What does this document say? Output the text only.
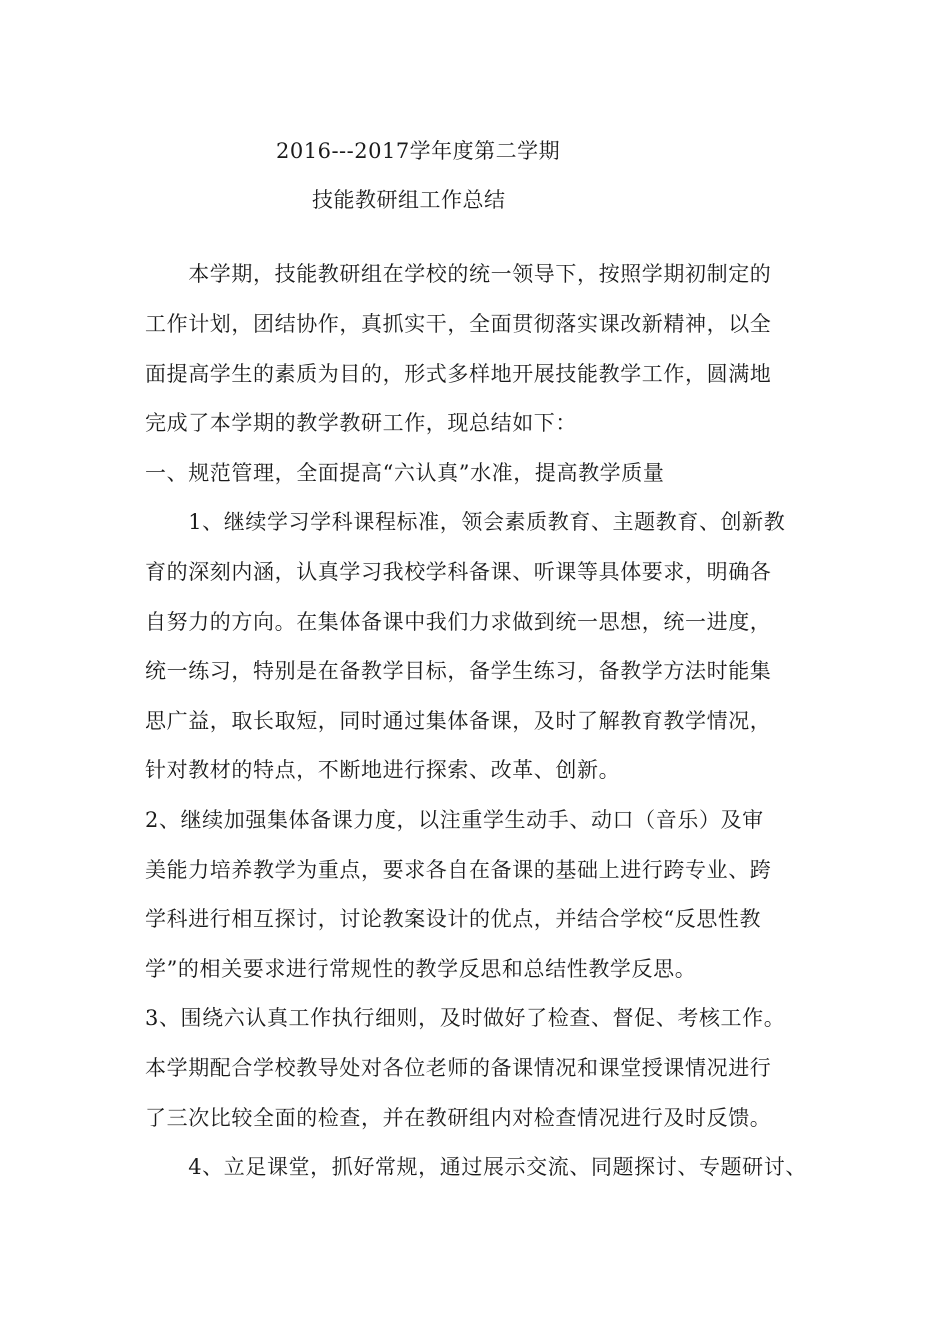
2016---2017学年度第二学期
技能教研组工作总结
　　本学期，技能教研组在学校的统一领导下，按照学期初制定的
工作计划，团结协作，真抓实干，全面贯彻落实课改新精神，以全
面提高学生的素质为目的，形式多样地开展技能教学工作，圆满地
完成了本学期的教学教研工作，现总结如下：
一、规范管理，全面提高“六认真”水准，提高教学质量
　　1、继续学习学科课程标准，领会素质教育、主题教育、创新教
育的深刻内涵，认真学习我校学科备课、听课等具体要求，明确各
自努力的方向。在集体备课中我们力求做到统一思想，统一进度，
统一练习，特别是在备教学目标，备学生练习，备教学方法时能集
思广益，取长取短，同时通过集体备课，及时了解教育教学情况，
针对教材的特点，不断地进行探索、改革、创新。
2、继续加强集体备课力度，以注重学生动手、动口（音乐）及审
美能力培养教学为重点，要求各自在备课的基础上进行跨专业、跨
学科进行相互探讨，讨论教案设计的优点，并结合学校“反思性教
学”的相关要求进行常规性的教学反思和总结性教学反思。
3、围绕六认真工作执行细则，及时做好了检查、督促、考核工作。
本学期配合学校教导处对各位老师的备课情况和课堂授课情况进行
了三次比较全面的检查，并在教研组内对检查情况进行及时反馈。
　　4、立足课堂，抓好常规，通过展示交流、同题探讨、专题研讨、
